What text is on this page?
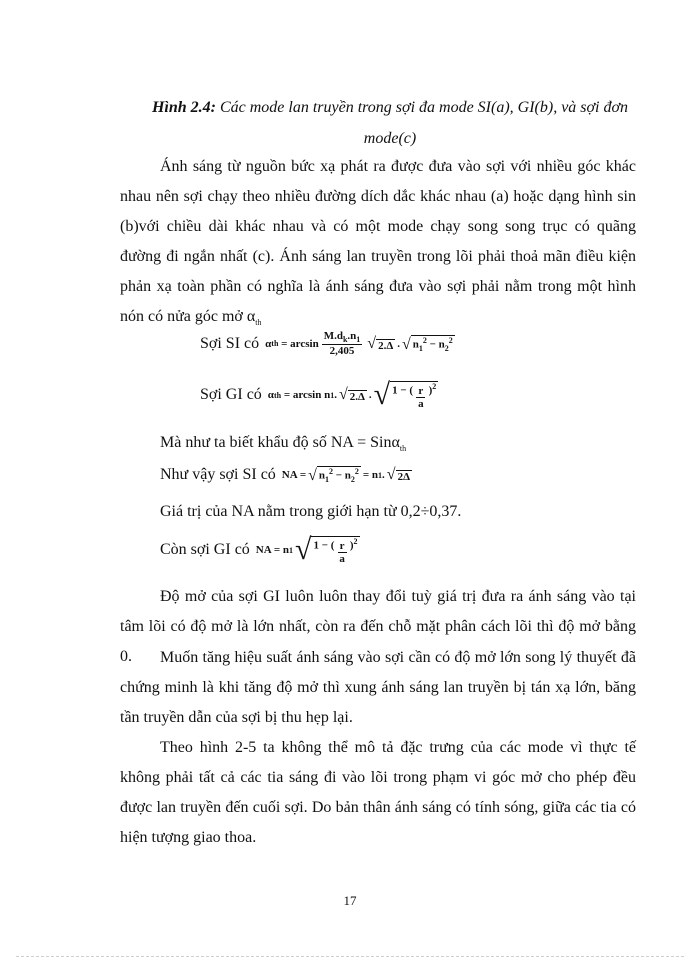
Hình 2.4: Các mode lan truyền trong sợi đa mode SI(a), GI(b), và sợi đơn mode(c)
Ánh sáng từ nguồn bức xạ phát ra được đưa vào sợi với nhiều góc khác nhau nên sợi chạy theo nhiều đường dích dắc khác nhau (a) hoặc dạng hình sin (b)với chiều dài khác nhau và có một mode chạy song song trục có quãng đường đi ngắn nhất (c). Ánh sáng lan truyền trong lõi phải thoả mãn điều kiện phản xạ toàn phần có nghĩa là ánh sáng đưa vào sợi phải nằm trong một hình nón có nửa góc mở $\alpha_{th}$
Sợi SI có α th = $\arcsin \frac{M.d_k.n_1}{2,405}$ √ 2.Δ . √ $n_1^2 - n_2^2$
Sợi GI có α th = arcsin n 1 . √ 2.Δ . √ 1 − ( $\frac{r}{a} )^2$
Mà như ta biết khẩu độ số NA = Sinα$_{th}$
Như vậy sợi SI có NA = √ $n_1^2 - n_2^2 = n$ 1 . √ 2Δ
Giá trị của NA nằm trong giới hạn từ 0,2÷0,37.
Còn sợi GI có NA = n 1 √ 1 − ( $\frac{r}{a} )^2$
Độ mở của sợi GI luôn luôn thay đổi tuỳ giá trị đưa ra ánh sáng vào tại tâm lõi có độ mở là lớn nhất, còn ra đến chỗ mặt phân cách lõi thì độ mở bằng 0.	Muốn tăng hiệu suất ánh sáng vào sợi cần có độ mở lớn song lý thuyết đã chứng minh là khi tăng độ mở thì xung ánh sáng lan truyền bị tán xạ lớn, băng tần truyền dẫn của sợi bị thu hẹp lại.
Theo hình 2-5 ta không thể mô tả đặc trưng của các mode vì thực tế không phải tất cả các tia sáng đi vào lõi trong phạm vi góc mở cho phép đều được lan truyền đến cuối sợi. Do bản thân ánh sáng có tính sóng, giữa các tia có hiện tượng giao thoa.
17
